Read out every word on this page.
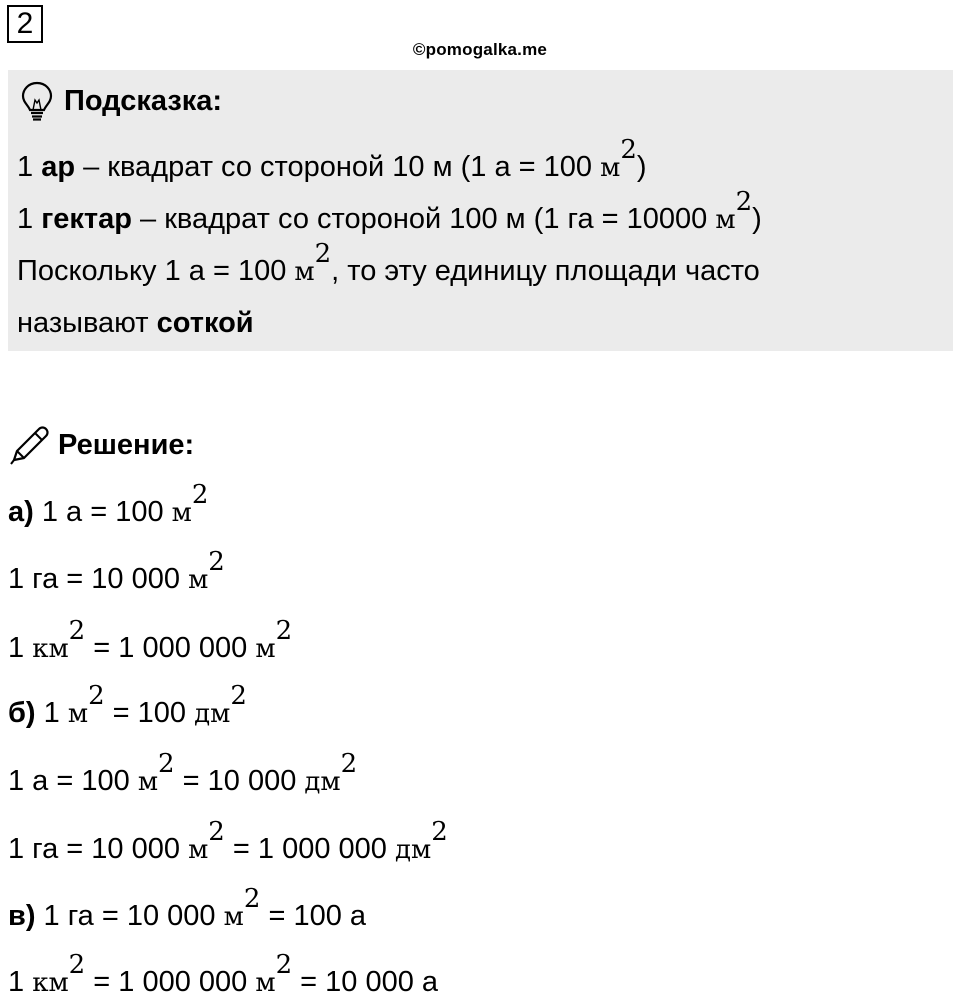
2
©pomogalka.me
Подсказка:
1 ар – квадрат со стороной 10 м (1 а = 100 $м^2$)
1 гектар – квадрат со стороной 100 м (1 га = 10000 $м^2$)
Поскольку 1 а = 100 $м^2$, то эту единицу площади часто
называют соткой
Решение:
а) 1 а = 100 $м^2$
1 га = 10 000 $м^2$
1 $км^2 = 1$ 000 000 $м^2$
б) 1 $м^2 = 100$ $дм^2$
1 а = 100 $м^2 = 10$ 000 $дм^2$
1 га = 10 000 $м^2 = 1$ 000 000 $дм^2$
в) 1 га = 10 000 $м^2 = 100$ а
1 $км^2 = 1$ 000 000 $м^2 = 10$ 000 а
